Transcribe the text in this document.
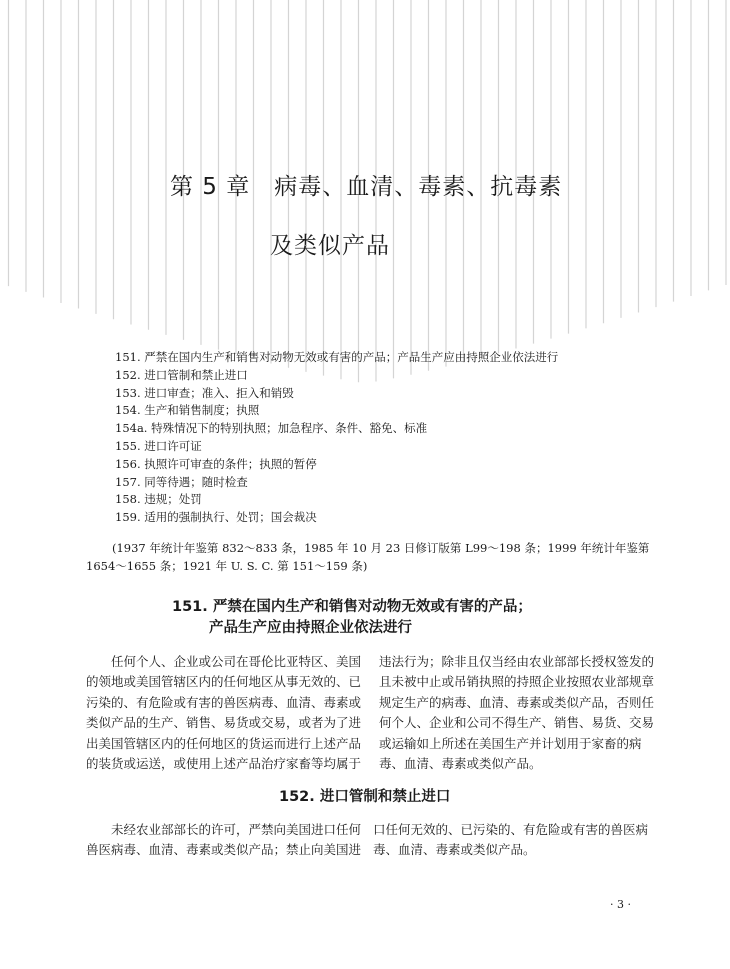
第 5 章　病毒、血清、毒素、抗毒素
及类似产品
151. 严禁在国内生产和销售对动物无效或有害的产品；产品生产应由持照企业依法进行
152. 进口管制和禁止进口
153. 进口审查；准入、拒入和销毁
154. 生产和销售制度；执照
154a. 特殊情况下的特别执照；加急程序、条件、豁免、标准
155. 进口许可证
156. 执照许可审查的条件；执照的暂停
157. 同等待遇；随时检查
158. 违规；处罚
159. 适用的强制执行、处罚；国会裁决
(1937 年统计年鉴第 832～833 条，1985 年 10 月 23 日修订版第 L99～198 条；1999 年统计年鉴第
1654～1655 条；1921 年 U. S. C. 第 151～159 条)
151. 严禁在国内生产和销售对动物无效或有害的产品；
产品生产应由持照企业依法进行
　　任何个人、企业或公司在哥伦比亚特区、美国
的领地或美国管辖区内的任何地区从事无效的、已
污染的、有危险或有害的兽医病毒、血清、毒素或
类似产品的生产、销售、易货或交易，或者为了进
出美国管辖区内的任何地区的货运而进行上述产品
的装货或运送，或使用上述产品治疗家畜等均属于
违法行为；除非且仅当经由农业部部长授权签发的
且未被中止或吊销执照的持照企业按照农业部规章
规定生产的病毒、血清、毒素或类似产品，否则任
何个人、企业和公司不得生产、销售、易货、交易
或运输如上所述在美国生产并计划用于家畜的病
毒、血清、毒素或类似产品。
152. 进口管制和禁止进口
　　未经农业部部长的许可，严禁向美国进口任何
兽医病毒、血清、毒素或类似产品；禁止向美国进
口任何无效的、已污染的、有危险或有害的兽医病
毒、血清、毒素或类似产品。
· 3 ·
